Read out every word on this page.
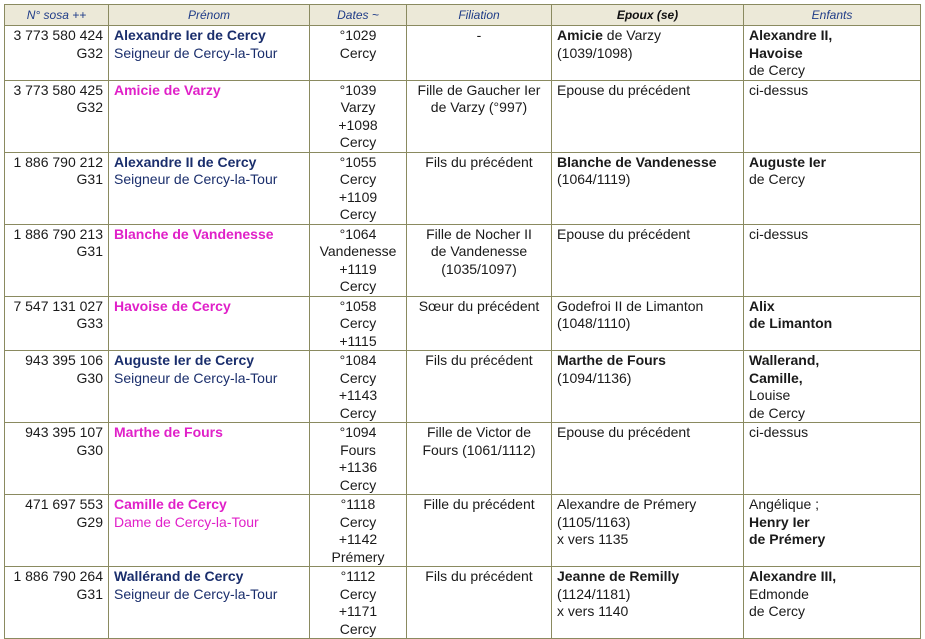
N° sosa ++	Prénom	Dates ~	Filiation	Epoux (se)	Enfants

3 773 580 424
G32	Alexandre Ier de Cercy
Seigneur de Cercy-la-Tour	°1029
Cercy	-	Amicie de Varzy
(1039/1098)	Alexandre II,
Havoise
de Cercy

3 773 580 425
G32	Amicie de Varzy	°1039
Varzy
+1098
Cercy	Fille de Gaucher Ier
de Varzy (°997)	Epouse du précédent	ci-dessus

1 886 790 212
G31	Alexandre II de Cercy
Seigneur de Cercy-la-Tour	°1055
Cercy
+1109
Cercy	Fils du précédent	Blanche de Vandenesse
(1064/1119)	Auguste Ier
de Cercy

1 886 790 213
G31	Blanche de Vandenesse	°1064
Vandenesse
+1119
Cercy	Fille de Nocher II
de Vandenesse
(1035/1097)	Epouse du précédent	ci-dessus

7 547 131 027
G33	Havoise de Cercy	°1058
Cercy
+1115	Sœur du précédent	Godefroi II de Limanton
(1048/1110)	Alix
de Limanton

943 395 106
G30	Auguste Ier de Cercy
Seigneur de Cercy-la-Tour	°1084
Cercy
+1143
Cercy	Fils du précédent	Marthe de Fours
(1094/1136)	Wallerand,
Camille,
Louise
de Cercy

943 395 107
G30	Marthe de Fours	°1094
Fours
+1136
Cercy	Fille de Victor de
Fours (1061/1112)	Epouse du précédent	ci-dessus

471 697 553
G29	Camille de Cercy
Dame de Cercy-la-Tour	°1118
Cercy
+1142
Prémery	Fille du précédent	Alexandre de Prémery
(1105/1163)
x vers 1135	Angélique ;
Henry Ier
de Prémery

1 886 790 264
G31	Wallérand de Cercy
Seigneur de Cercy-la-Tour	°1112
Cercy
+1171
Cercy	Fils du précédent	Jeanne de Remilly
(1124/1181)
x vers 1140	Alexandre III,
Edmonde
de Cercy
